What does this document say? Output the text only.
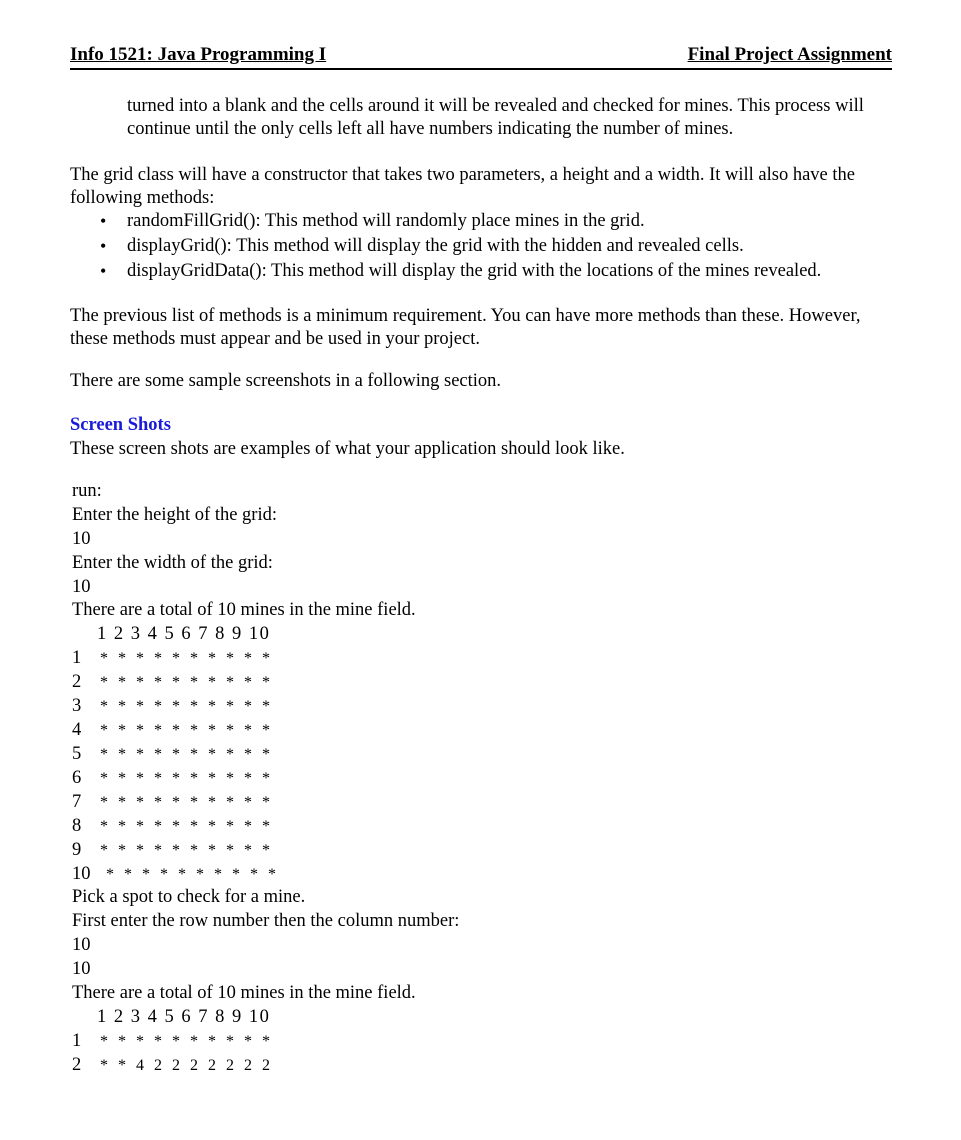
Info 1521: Java Programming I	Final Project Assignment
turned into a blank and the cells around it will be revealed and checked for mines. This process will continue until the only cells left all have numbers indicating the number of mines.
The grid class will have a constructor that takes two parameters, a height and a width. It will also have the following methods:
• randomFillGrid(): This method will randomly place mines in the grid.
• displayGrid(): This method will display the grid with the hidden and revealed cells.
• displayGridData(): This method will display the grid with the locations of the mines revealed.
The previous list of methods is a minimum requirement. You can have more methods than these. However, these methods must appear and be used in your project.
There are some sample screenshots in a following section.
Screen Shots
These screen shots are examples of what your application should look like.
run:
Enter the height of the grid:
10
Enter the width of the grid:
10
There are a total of 10 mines in the mine field.
1 2 3 4 5 6 7 8 9 10
1 * * * * * * * * * *
2 * * * * * * * * * *
3 * * * * * * * * * *
4 * * * * * * * * * *
5 * * * * * * * * * *
6 * * * * * * * * * *
7 * * * * * * * * * *
8 * * * * * * * * * *
9 * * * * * * * * * *
10 * * * * * * * * * *
Pick a spot to check for a mine.
First enter the row number then the column number:
10
10
There are a total of 10 mines in the mine field.
1 2 3 4 5 6 7 8 9 10
1 * * * * * * * * * *
2 * * 4 2 2 2 2 2 2 2
